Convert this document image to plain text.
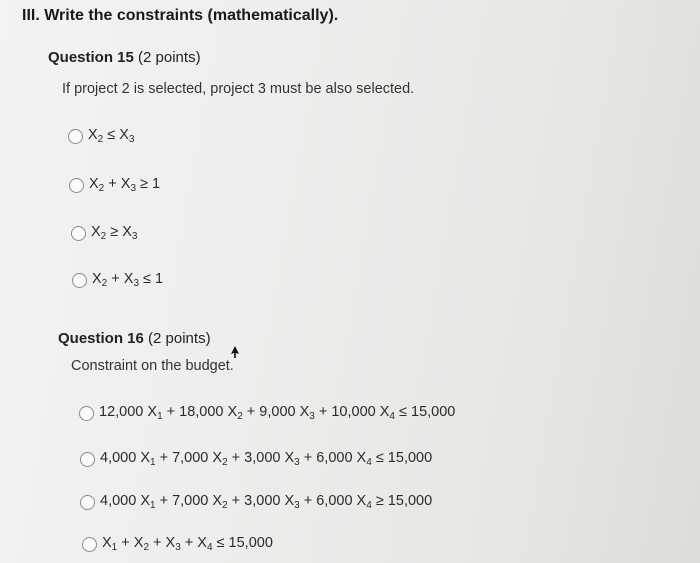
III. Write the constraints (mathematically).
Question 15 (2 points)
If project 2 is selected, project 3 must be also selected.
$X_2 \le X_3$
$X_2 + X_3 \ge 1$
$X_2 \ge X_3$
$X_2 + X_3 \le 1$
Question 16 (2 points)
Constraint on the budget.
12,000 $X_1 + 18,000$ $X_2 + 9,000$ $X_3 + 10,000$ $X_4 \le 15,000$
4,000 $X_1 + 7,000$ $X_2 + 3,000$ $X_3 + 6,000$ $X_4 \le 15,000$
4,000 $X_1 + 7,000$ $X_2 + 3,000$ $X_3 + 6,000$ $X_4 \ge 15,000$
$X_1 + X_2 + X_3 + X_4 \le 15,000$
